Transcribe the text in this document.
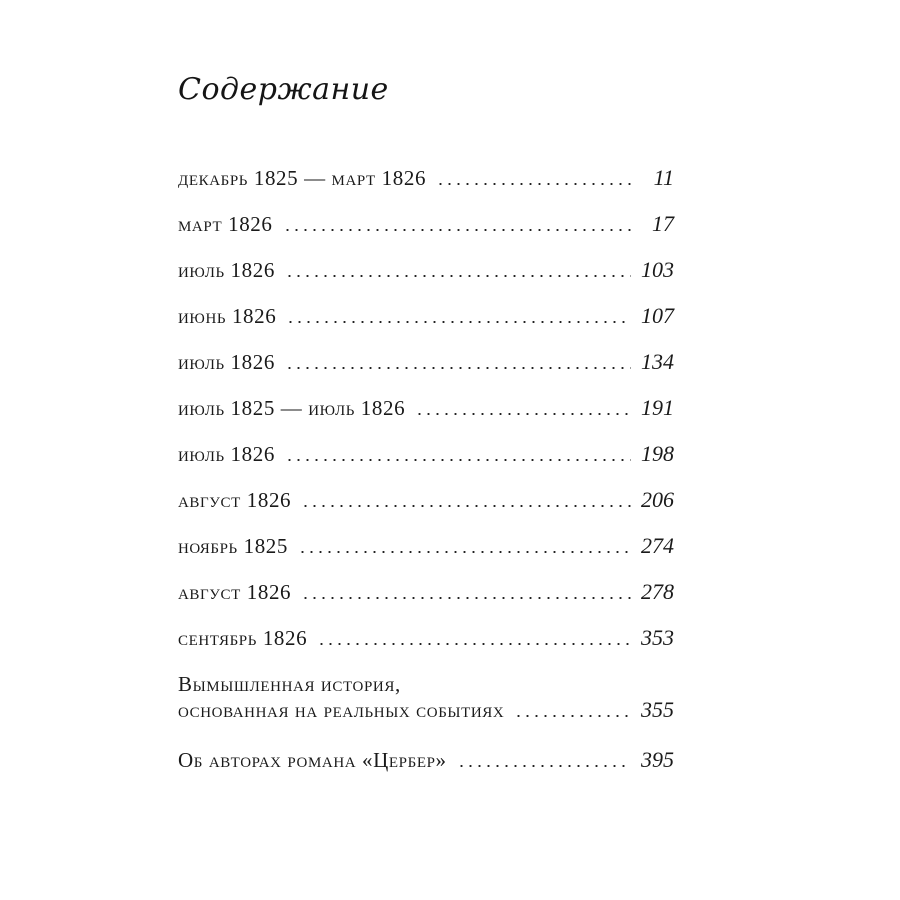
Содержание
декабрь 1825 — март 1826	11
март 1826	17
июль 1826	103
июнь 1826	107
июль 1826	134
июль 1825 — июль 1826	191
июль 1826	198
август 1826	206
ноябрь 1825	274
август 1826	278
сентябрь 1826	353
Вымышленная история,
основанная на реальных событиях	355
Об авторах романа «Цербер»	395
